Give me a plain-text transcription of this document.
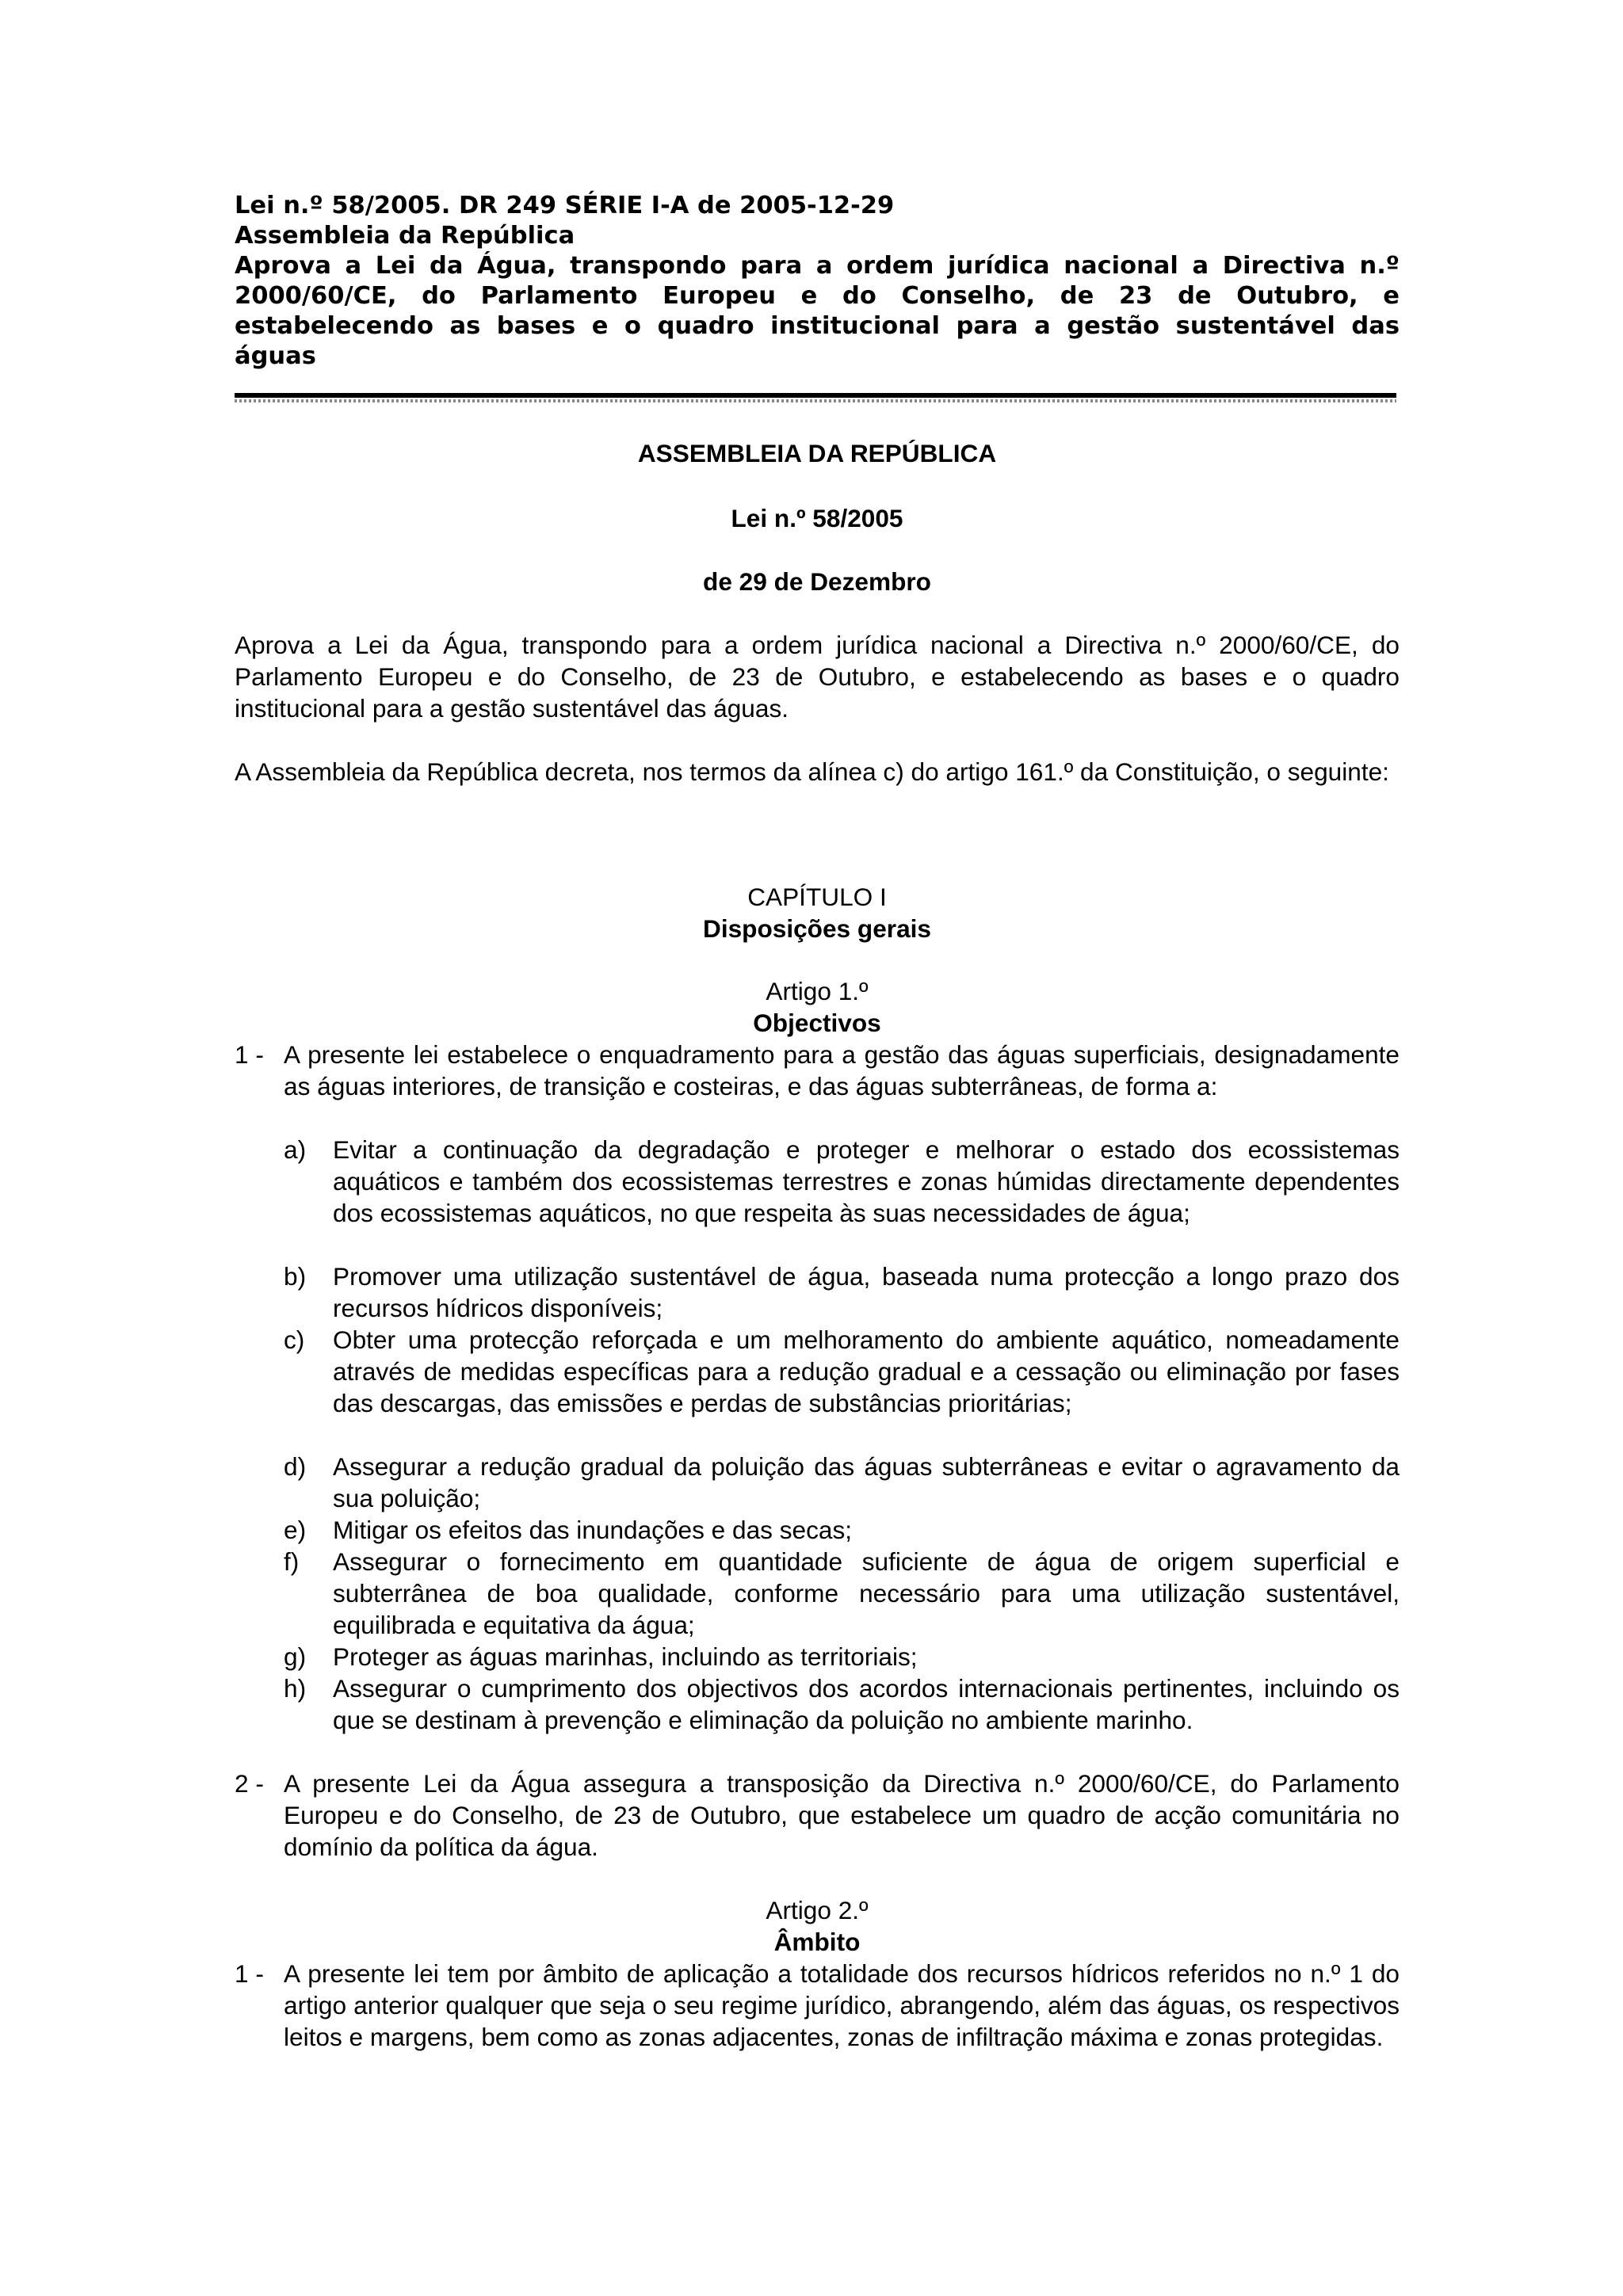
Lei n.º 58/2005. DR 249 SÉRIE I-A de 2005-12-29
Assembleia da República
Aprova a Lei da Água, transpondo para a ordem jurídica nacional a Directiva n.º 2000/60/CE, do Parlamento Europeu e do Conselho, de 23 de Outubro, e estabelecendo as bases e o quadro institucional para a gestão sustentável das águas
ASSEMBLEIA DA REPÚBLICA
Lei n.º 58/2005
de 29 de Dezembro
Aprova a Lei da Água, transpondo para a ordem jurídica nacional a Directiva n.º 2000/60/CE, do Parlamento Europeu e do Conselho, de 23 de Outubro, e estabelecendo as bases e o quadro institucional para a gestão sustentável das águas.
A Assembleia da República decreta, nos termos da alínea c) do artigo 161.º da Constituição, o seguinte:
CAPÍTULO I
Disposições gerais
Artigo 1.º
Objectivos
1 - A presente lei estabelece o enquadramento para a gestão das águas superficiais, designadamente as águas interiores, de transição e costeiras, e das águas subterrâneas, de forma a:
a) Evitar a continuação da degradação e proteger e melhorar o estado dos ecossistemas aquáticos e também dos ecossistemas terrestres e zonas húmidas directamente dependentes dos ecossistemas aquáticos, no que respeita às suas necessidades de água;
b) Promover uma utilização sustentável de água, baseada numa protecção a longo prazo dos recursos hídricos disponíveis;
c) Obter uma protecção reforçada e um melhoramento do ambiente aquático, nomeadamente através de medidas específicas para a redução gradual e a cessação ou eliminação por fases das descargas, das emissões e perdas de substâncias prioritárias;
d) Assegurar a redução gradual da poluição das águas subterrâneas e evitar o agravamento da sua poluição;
e) Mitigar os efeitos das inundações e das secas;
f) Assegurar o fornecimento em quantidade suficiente de água de origem superficial e subterrânea de boa qualidade, conforme necessário para uma utilização sustentável, equilibrada e equitativa da água;
g) Proteger as águas marinhas, incluindo as territoriais;
h) Assegurar o cumprimento dos objectivos dos acordos internacionais pertinentes, incluindo os que se destinam à prevenção e eliminação da poluição no ambiente marinho.
2 - A presente Lei da Água assegura a transposição da Directiva n.º 2000/60/CE, do Parlamento Europeu e do Conselho, de 23 de Outubro, que estabelece um quadro de acção comunitária no domínio da política da água.
Artigo 2.º
Âmbito
1 - A presente lei tem por âmbito de aplicação a totalidade dos recursos hídricos referidos no n.º 1 do artigo anterior qualquer que seja o seu regime jurídico, abrangendo, além das águas, os respectivos leitos e margens, bem como as zonas adjacentes, zonas de infiltração máxima e zonas protegidas.
